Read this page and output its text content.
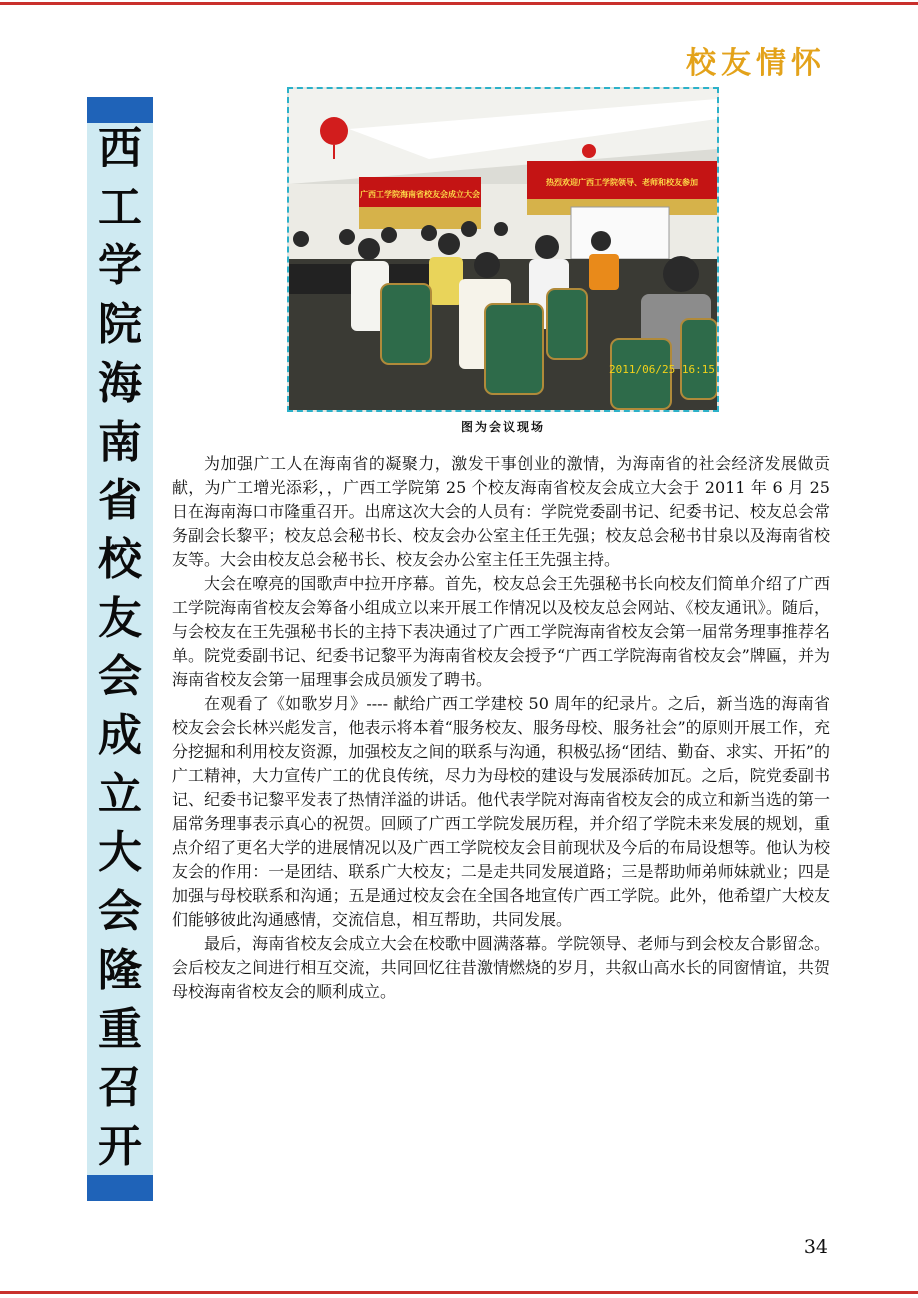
校友情怀
西
工
学
院
海
南
省
校
友
会
成
立
大
会
隆
重
召
开
广西工学院海南省校友会成立大会
热烈欢迎广西工学院领导、老师和校友参加
2011/06/25 16:15
图为会议现场

为加强广工人在海南省的凝聚力，激发干事创业的激情，为海南省的社会经济发展做贡献，为广工增光添彩，，广西工学院第 25 个校友海南省校友会成立大会于 2011 年 6 月 25 日在海南海口市隆重召开。出席这次大会的人员有：学院党委副书记、纪委书记、校友总会常务副会长黎平；校友总会秘书长、校友会办公室主任王先强；校友总会秘书甘泉以及海南省校友等。大会由校友总会秘书长、校友会办公室主任王先强主持。

大会在嘹亮的国歌声中拉开序幕。首先，校友总会王先强秘书长向校友们简单介绍了广西工学院海南省校友会筹备小组成立以来开展工作情况以及校友总会网站、《校友通讯》。随后，与会校友在王先强秘书长的主持下表决通过了广西工学院海南省校友会第一届常务理事推荐名单。院党委副书记、纪委书记黎平为海南省校友会授予“广西工学院海南省校友会”牌匾，并为海南省校友会第一届理事会成员颁发了聘书。

在观看了《如歌岁月》---- 献给广西工学建校 50 周年的纪录片。之后，新当选的海南省校友会会长林兴彪发言，他表示将本着“服务校友、服务母校、服务社会”的原则开展工作，充分挖掘和利用校友资源，加强校友之间的联系与沟通，积极弘扬“团结、勤奋、求实、开拓”的广工精神，大力宣传广工的优良传统，尽力为母校的建设与发展添砖加瓦。之后，院党委副书记、纪委书记黎平发表了热情洋溢的讲话。他代表学院对海南省校友会的成立和新当选的第一届常务理事表示真心的祝贺。回顾了广西工学院发展历程，并介绍了学院未来发展的规划，重点介绍了更名大学的进展情况以及广西工学院校友会目前现状及今后的布局设想等。他认为校友会的作用：一是团结、联系广大校友；二是走共同发展道路；三是帮助师弟师妹就业；四是加强与母校联系和沟通；五是通过校友会在全国各地宣传广西工学院。此外，他希望广大校友们能够彼此沟通感情，交流信息，相互帮助，共同发展。

最后，海南省校友会成立大会在校歌中圆满落幕。学院领导、老师与到会校友合影留念。会后校友之间进行相互交流，共同回忆往昔激情燃烧的岁月，共叙山高水长的同窗情谊，共贺母校海南省校友会的顺利成立。

34
